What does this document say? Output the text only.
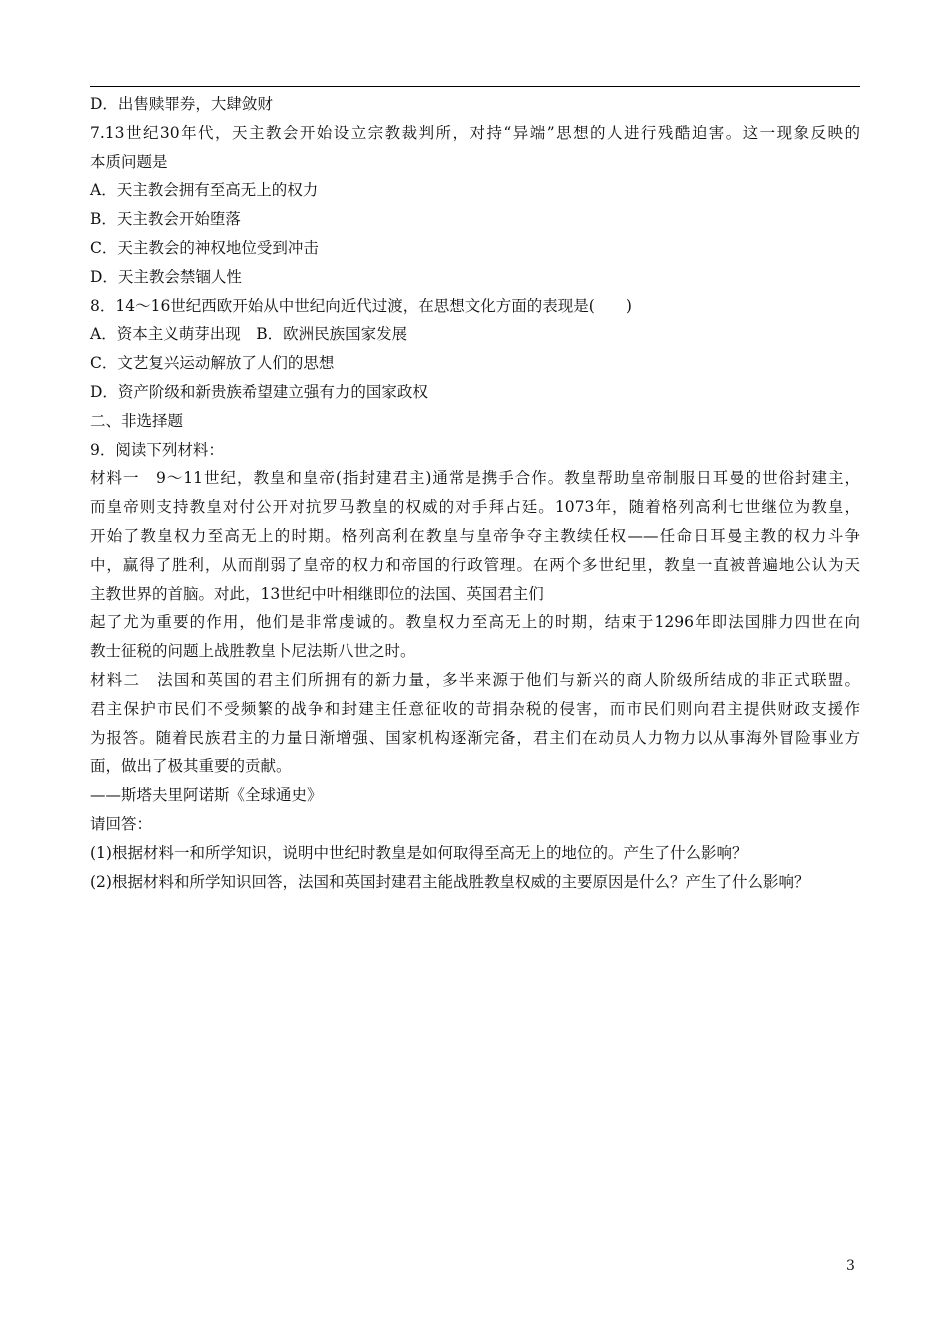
D．出售赎罪券，大肆敛财

7.13世纪30年代，天主教会开始设立宗教裁判所，对持“异端”思想的人进行残酷迫害。这一现象反映的

本质问题是

A．天主教会拥有至高无上的权力

B．天主教会开始堕落

C．天主教会的神权地位受到冲击

D．天主教会禁锢人性

8．14～16世纪西欧开始从中世纪向近代过渡，在思想文化方面的表现是(　　)

A．资本主义萌芽出现　B．欧洲民族国家发展

C．文艺复兴运动解放了人们的思想

D．资产阶级和新贵族希望建立强有力的国家政权

二、非选择题

9．阅读下列材料：

材料一　9～11世纪，教皇和皇帝(指封建君主)通常是携手合作。教皇帮助皇帝制服日耳曼的世俗封建主，

而皇帝则支持教皇对付公开对抗罗马教皇的权威的对手拜占廷。1073年，随着格列高利七世继位为教皇，

开始了教皇权力至高无上的时期。格列高利在教皇与皇帝争夺主教续任权——任命日耳曼主教的权力斗争

中，赢得了胜利，从而削弱了皇帝的权力和帝国的行政管理。在两个多世纪里，教皇一直被普遍地公认为天

主教世界的首脑。对此，13世纪中叶相继即位的法国、英国君主们

起了尤为重要的作用，他们是非常虔诚的。教皇权力至高无上的时期，结束于1296年即法国腓力四世在向

教士征税的问题上战胜教皇卜尼法斯八世之时。

材料二　法国和英国的君主们所拥有的新力量，多半来源于他们与新兴的商人阶级所结成的非正式联盟。

君主保护市民们不受频繁的战争和封建主任意征收的苛捐杂税的侵害，而市民们则向君主提供财政支援作

为报答。随着民族君主的力量日渐增强、国家机构逐渐完备，君主们在动员人力物力以从事海外冒险事业方

面，做出了极其重要的贡献。

——斯塔夫里阿诺斯《全球通史》

请回答：

(1)根据材料一和所学知识，说明中世纪时教皇是如何取得至高无上的地位的。产生了什么影响？

(2)根据材料和所学知识回答，法国和英国封建君主能战胜教皇权威的主要原因是什么？产生了什么影响？

3
